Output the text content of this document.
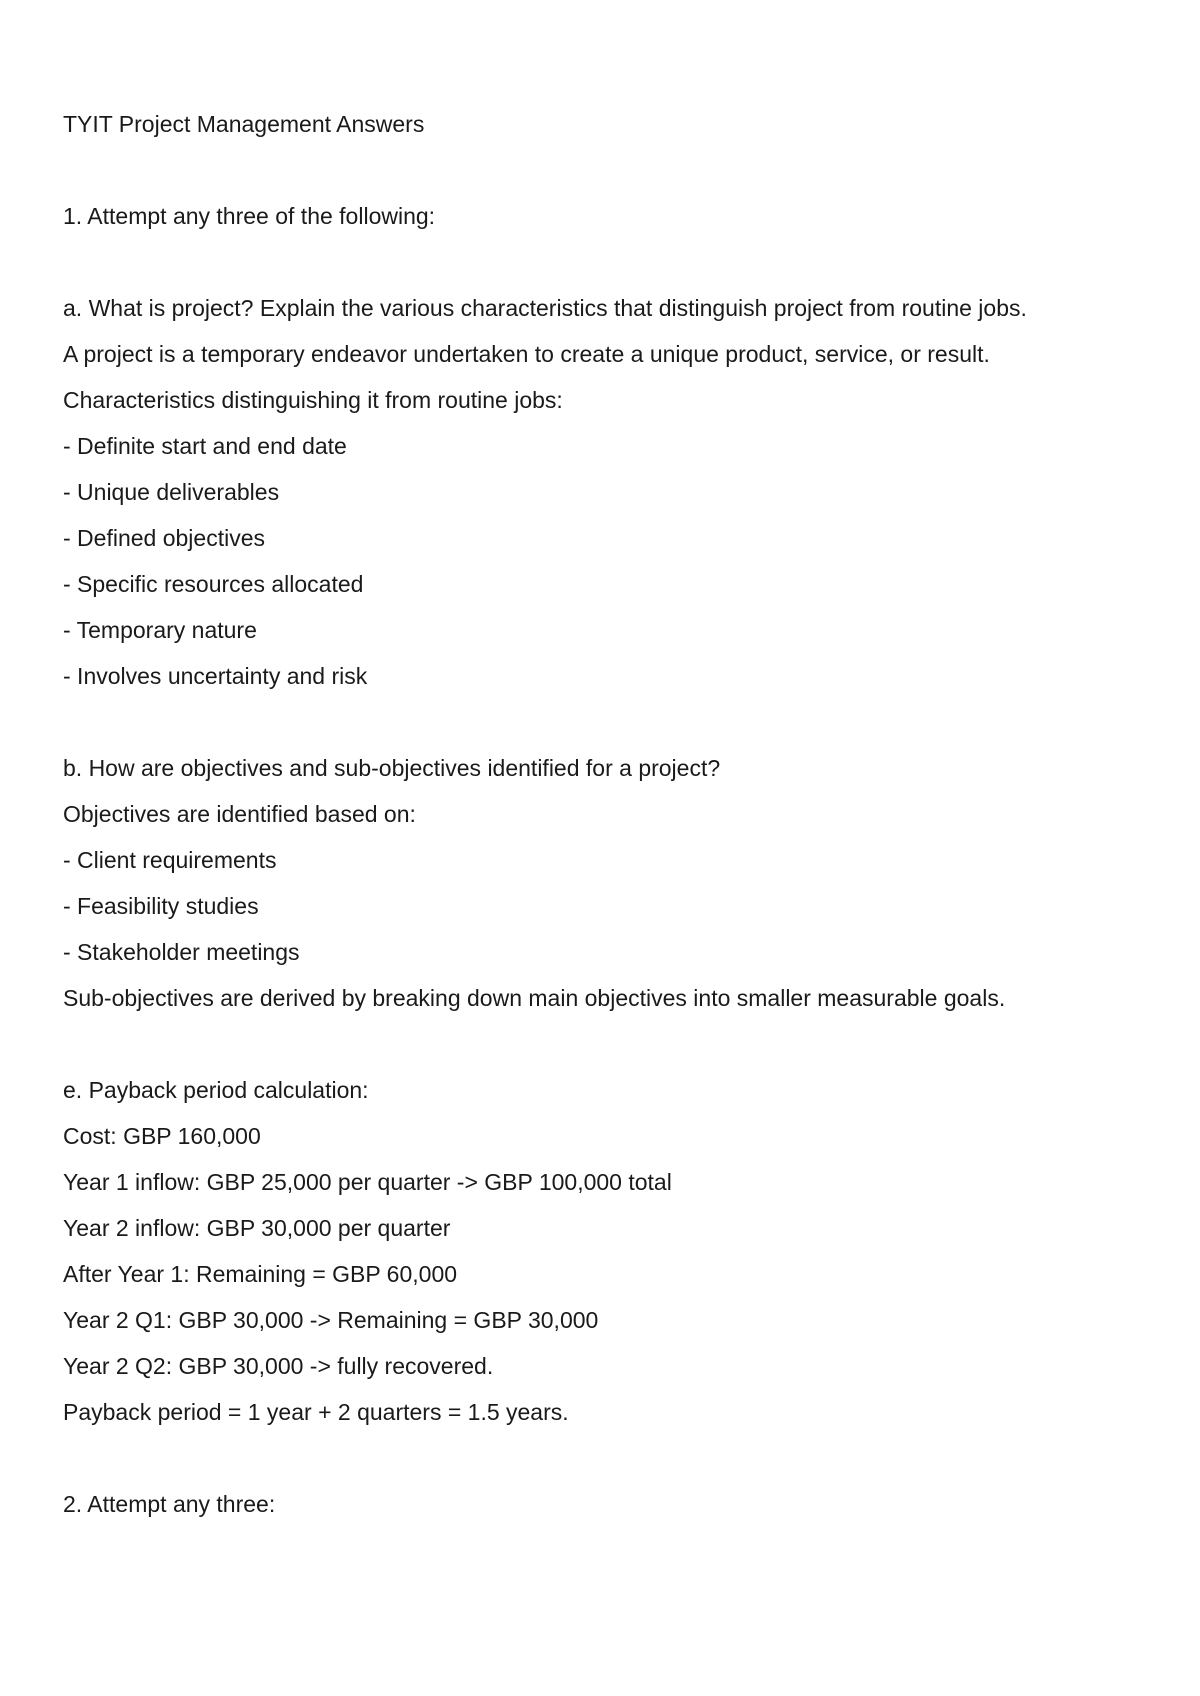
TYIT Project Management Answers
1. Attempt any three of the following:
a. What is project? Explain the various characteristics that distinguish project from routine jobs.
A project is a temporary endeavor undertaken to create a unique product, service, or result.
Characteristics distinguishing it from routine jobs:
- Definite start and end date
- Unique deliverables
- Defined objectives
- Specific resources allocated
- Temporary nature
- Involves uncertainty and risk
b. How are objectives and sub-objectives identified for a project?
Objectives are identified based on:
- Client requirements
- Feasibility studies
- Stakeholder meetings
Sub-objectives are derived by breaking down main objectives into smaller measurable goals.
e. Payback period calculation:
Cost: GBP 160,000
Year 1 inflow: GBP 25,000 per quarter -> GBP 100,000 total
Year 2 inflow: GBP 30,000 per quarter
After Year 1: Remaining = GBP 60,000
Year 2 Q1: GBP 30,000 -> Remaining = GBP 30,000
Year 2 Q2: GBP 30,000 -> fully recovered.
Payback period = 1 year + 2 quarters = 1.5 years.
2. Attempt any three:
